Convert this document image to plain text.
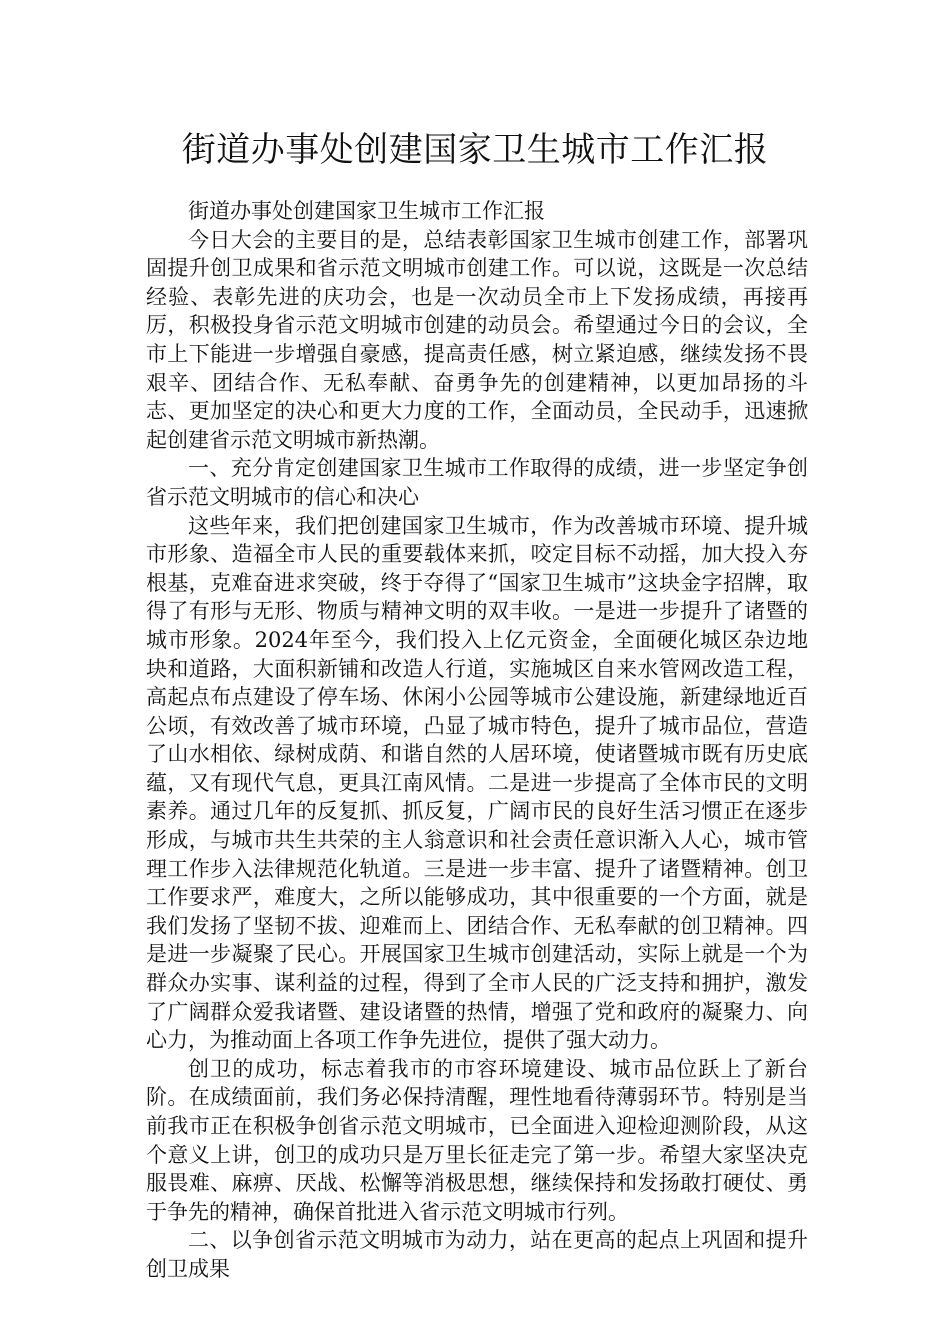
街道办事处创建国家卫生城市工作汇报

街道办事处创建国家卫生城市工作汇报

今日大会的主要目的是，总结表彰国家卫生城市创建工作，部署巩固提升创卫成果和省示范文明城市创建工作。可以说，这既是一次总结经验、表彰先进的庆功会，也是一次动员全市上下发扬成绩，再接再厉，积极投身省示范文明城市创建的动员会。希望通过今日的会议，全市上下能进一步增强自豪感，提高责任感，树立紧迫感，继续发扬不畏艰辛、团结合作、无私奉献、奋勇争先的创建精神，以更加昂扬的斗志、更加坚定的决心和更大力度的工作，全面动员，全民动手，迅速掀起创建省示范文明城市新热潮。

一、充分肯定创建国家卫生城市工作取得的成绩，进一步坚定争创省示范文明城市的信心和决心

这些年来，我们把创建国家卫生城市，作为改善城市环境、提升城市形象、造福全市人民的重要载体来抓，咬定目标不动摇，加大投入夯根基，克难奋进求突破，终于夺得了“国家卫生城市”这块金字招牌，取得了有形与无形、物质与精神文明的双丰收。一是进一步提升了诸暨的城市形象。2024年至今，我们投入上亿元资金，全面硬化城区杂边地块和道路，大面积新铺和改造人行道，实施城区自来水管网改造工程，高起点布点建设了停车场、休闲小公园等城市公建设施，新建绿地近百公顷，有效改善了城市环境，凸显了城市特色，提升了城市品位，营造了山水相依、绿树成荫、和谐自然的人居环境，使诸暨城市既有历史底蕴，又有现代气息，更具江南风情。二是进一步提高了全体市民的文明素养。通过几年的反复抓、抓反复，广阔市民的良好生活习惯正在逐步形成，与城市共生共荣的主人翁意识和社会责任意识渐入人心，城市管理工作步入法律规范化轨道。三是进一步丰富、提升了诸暨精神。创卫工作要求严，难度大，之所以能够成功，其中很重要的一个方面，就是我们发扬了坚韧不拔、迎难而上、团结合作、无私奉献的创卫精神。四是进一步凝聚了民心。开展国家卫生城市创建活动，实际上就是一个为群众办实事、谋利益的过程，得到了全市人民的广泛支持和拥护，激发了广阔群众爱我诸暨、建设诸暨的热情，增强了党和政府的凝聚力、向心力，为推动面上各项工作争先进位，提供了强大动力。

创卫的成功，标志着我市的市容环境建设、城市品位跃上了新台阶。在成绩面前，我们务必保持清醒，理性地看待薄弱环节。特别是当前我市正在积极争创省示范文明城市，已全面进入迎检迎测阶段，从这个意义上讲，创卫的成功只是万里长征走完了第一步。希望大家坚决克服畏难、麻痹、厌战、松懈等消极思想，继续保持和发扬敢打硬仗、勇于争先的精神，确保首批进入省示范文明城市行列。

二、以争创省示范文明城市为动力，站在更高的起点上巩固和提升创卫成果
